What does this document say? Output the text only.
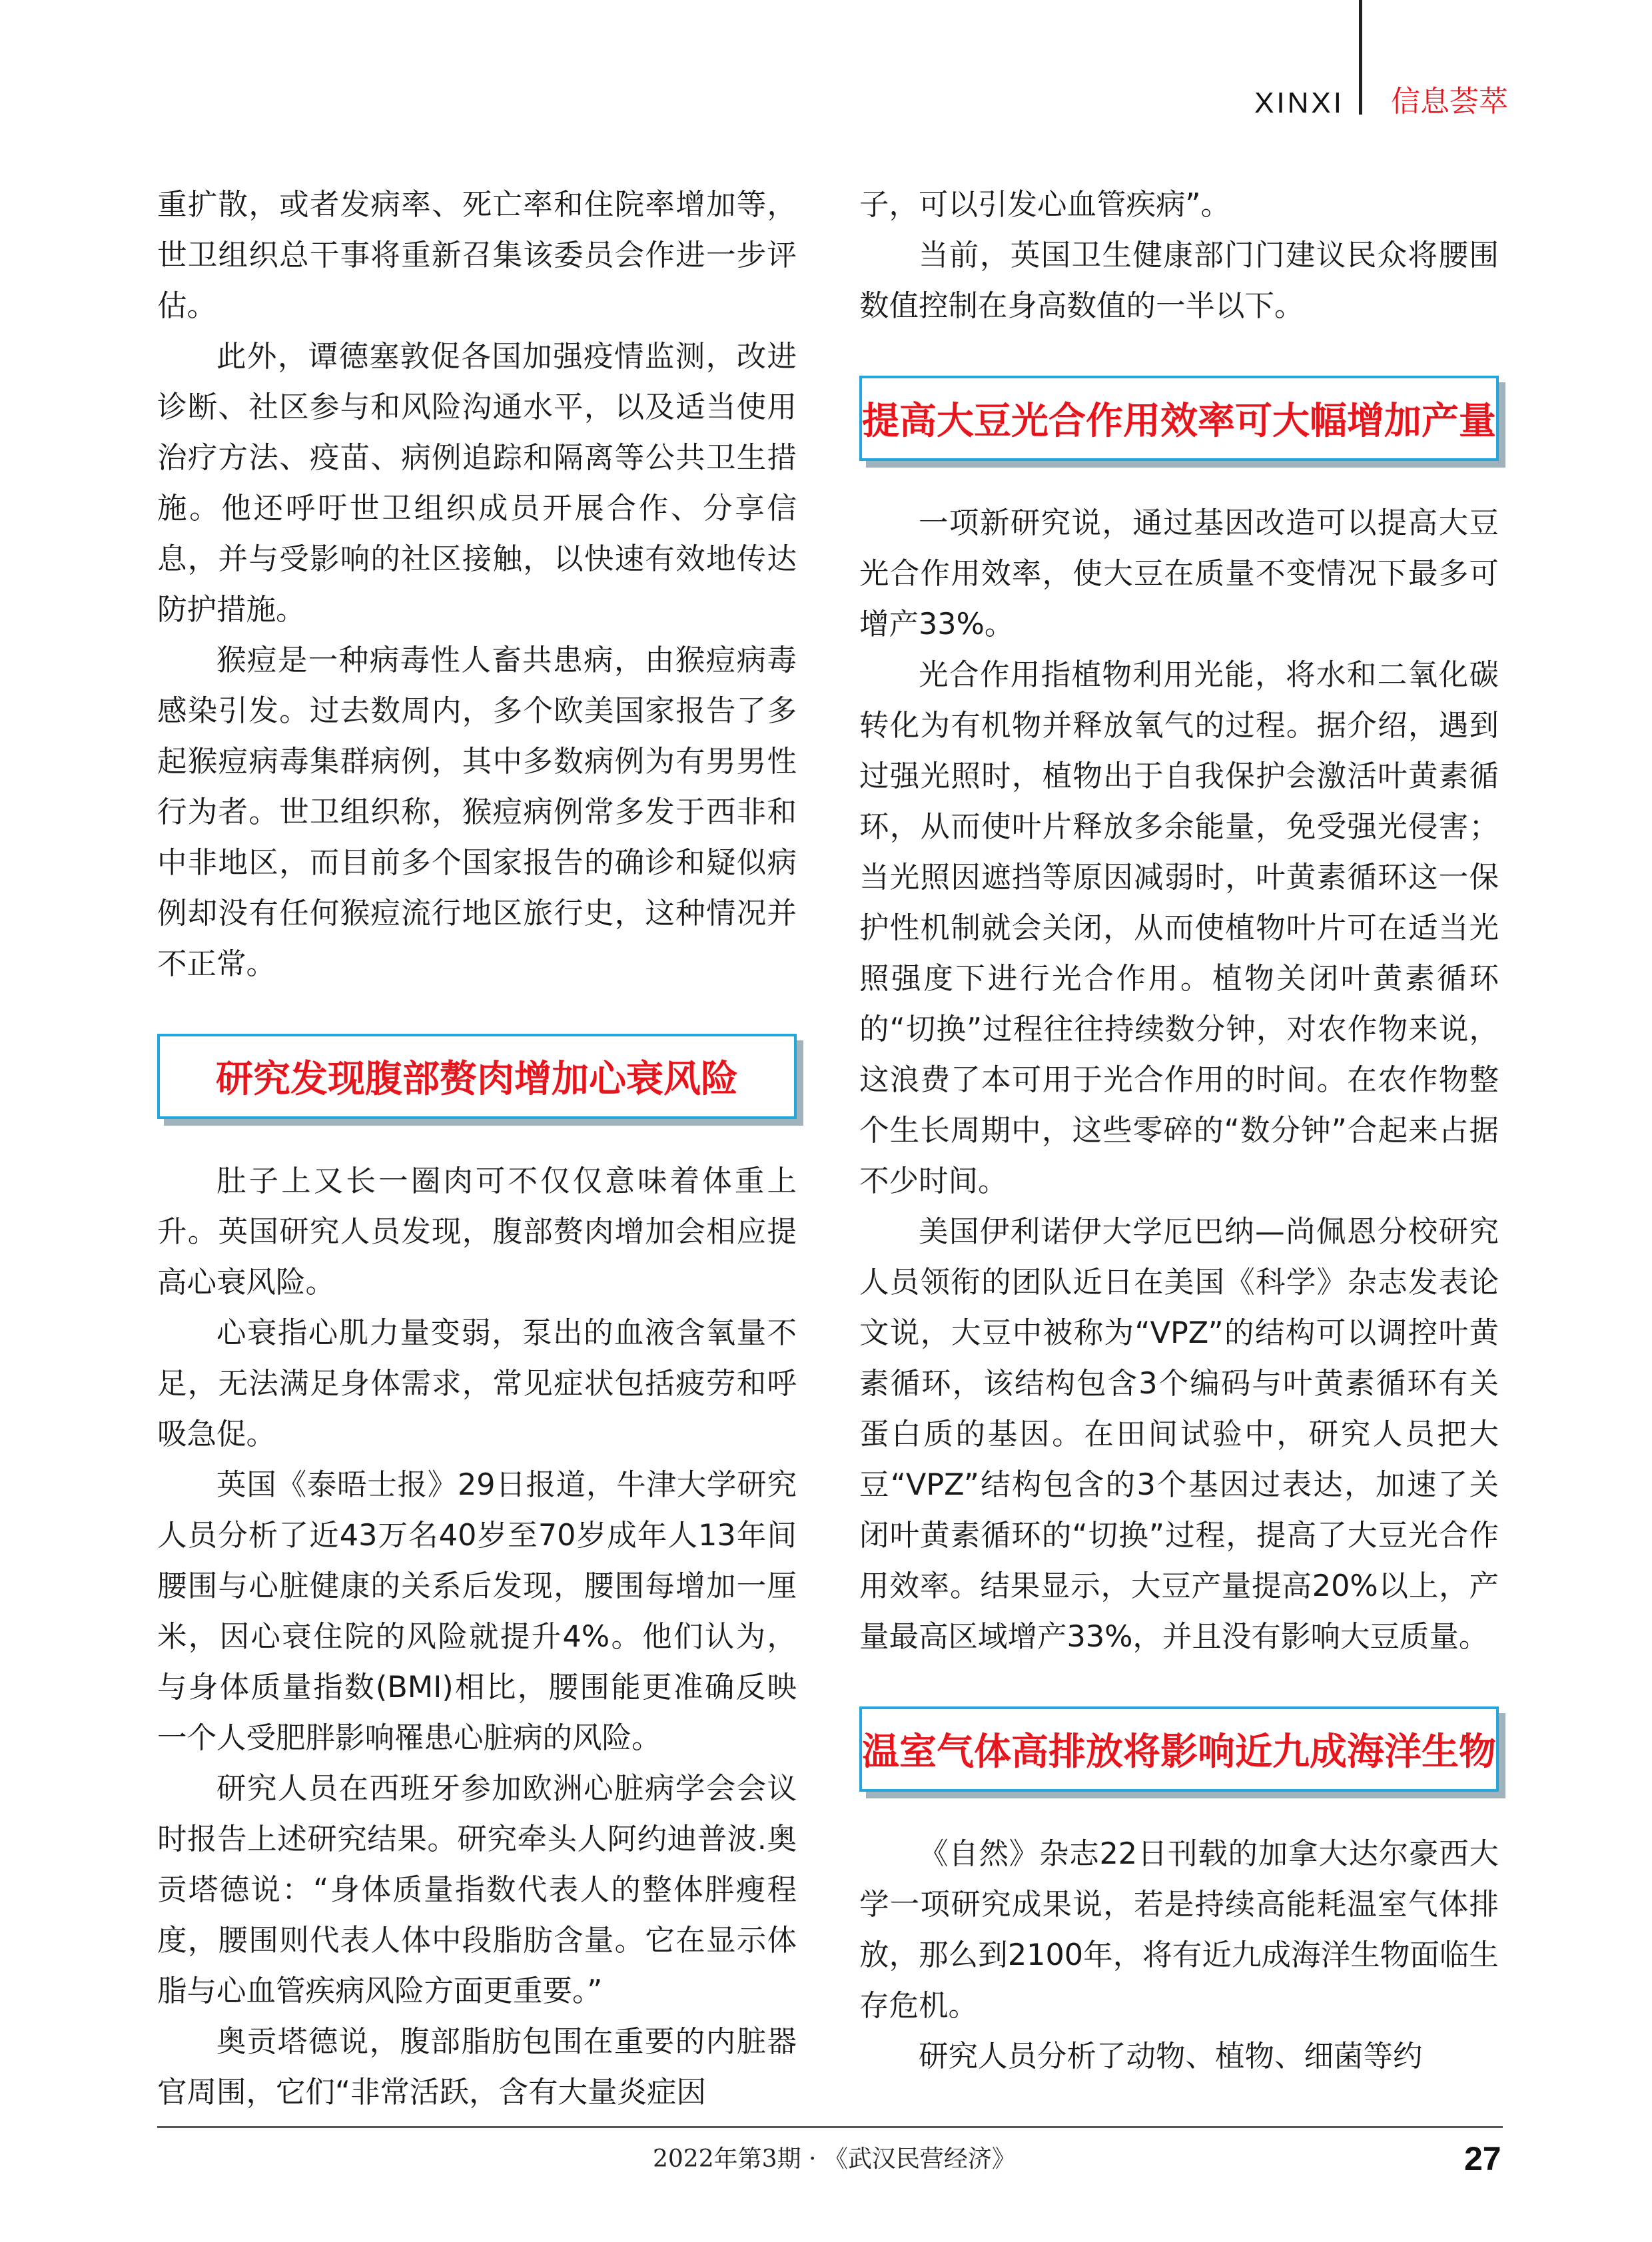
XINXI 信息荟萃

重扩散，或者发病率、死亡率和住院率增加等，世卫组织总干事将重新召集该委员会作进一步评估。

此外，谭德塞敦促各国加强疫情监测，改进诊断、社区参与和风险沟通水平，以及适当使用治疗方法、疫苗、病例追踪和隔离等公共卫生措施。他还呼吁世卫组织成员开展合作、分享信息，并与受影响的社区接触，以快速有效地传达防护措施。

猴痘是一种病毒性人畜共患病，由猴痘病毒感染引发。过去数周内，多个欧美国家报告了多起猴痘病毒集群病例，其中多数病例为有男男性行为者。世卫组织称，猴痘病例常多发于西非和中非地区，而目前多个国家报告的确诊和疑似病例却没有任何猴痘流行地区旅行史，这种情况并不正常。

研究发现腹部赘肉增加心衰风险

肚子上又长一圈肉可不仅仅意味着体重上升。英国研究人员发现，腹部赘肉增加会相应提高心衰风险。

心衰指心肌力量变弱，泵出的血液含氧量不足，无法满足身体需求，常见症状包括疲劳和呼吸急促。

英国《泰晤士报》29日报道，牛津大学研究人员分析了近43万名40岁至70岁成年人13年间腰围与心脏健康的关系后发现，腰围每增加一厘米，因心衰住院的风险就提升4%。他们认为，与身体质量指数(BMI)相比，腰围能更准确反映一个人受肥胖影响罹患心脏病的风险。

研究人员在西班牙参加欧洲心脏病学会会议时报告上述研究结果。研究牵头人阿约迪普波.奥贡塔德说：“身体质量指数代表人的整体胖瘦程度，腰围则代表人体中段脂肪含量。它在显示体脂与心血管疾病风险方面更重要。”

奥贡塔德说，腹部脂肪包围在重要的内脏器官周围，它们“非常活跃，含有大量炎症因

子，可以引发心血管疾病”。

当前，英国卫生健康部门门建议民众将腰围数值控制在身高数值的一半以下。

提高大豆光合作用效率可大幅增加产量

一项新研究说，通过基因改造可以提高大豆光合作用效率，使大豆在质量不变情况下最多可增产33%。

光合作用指植物利用光能，将水和二氧化碳转化为有机物并释放氧气的过程。据介绍，遇到过强光照时，植物出于自我保护会激活叶黄素循环，从而使叶片释放多余能量，免受强光侵害；当光照因遮挡等原因减弱时，叶黄素循环这一保护性机制就会关闭，从而使植物叶片可在适当光照强度下进行光合作用。植物关闭叶黄素循环的“切换”过程往往持续数分钟，对农作物来说，这浪费了本可用于光合作用的时间。在农作物整个生长周期中，这些零碎的“数分钟”合起来占据不少时间。

美国伊利诺伊大学厄巴纳—尚佩恩分校研究人员领衔的团队近日在美国《科学》杂志发表论文说，大豆中被称为“VPZ”的结构可以调控叶黄素循环，该结构包含3个编码与叶黄素循环有关蛋白质的基因。在田间试验中，研究人员把大豆“VPZ”结构包含的3个基因过表达，加速了关闭叶黄素循环的“切换”过程，提高了大豆光合作用效率。结果显示，大豆产量提高20%以上，产量最高区域增产33%，并且没有影响大豆质量。

温室气体高排放将影响近九成海洋生物

《自然》杂志22日刊载的加拿大达尔豪西大学一项研究成果说，若是持续高能耗温室气体排放，那么到2100年，将有近九成海洋生物面临生存危机。

研究人员分析了动物、植物、细菌等约

2022年第3期 · 《武汉民营经济》	27
